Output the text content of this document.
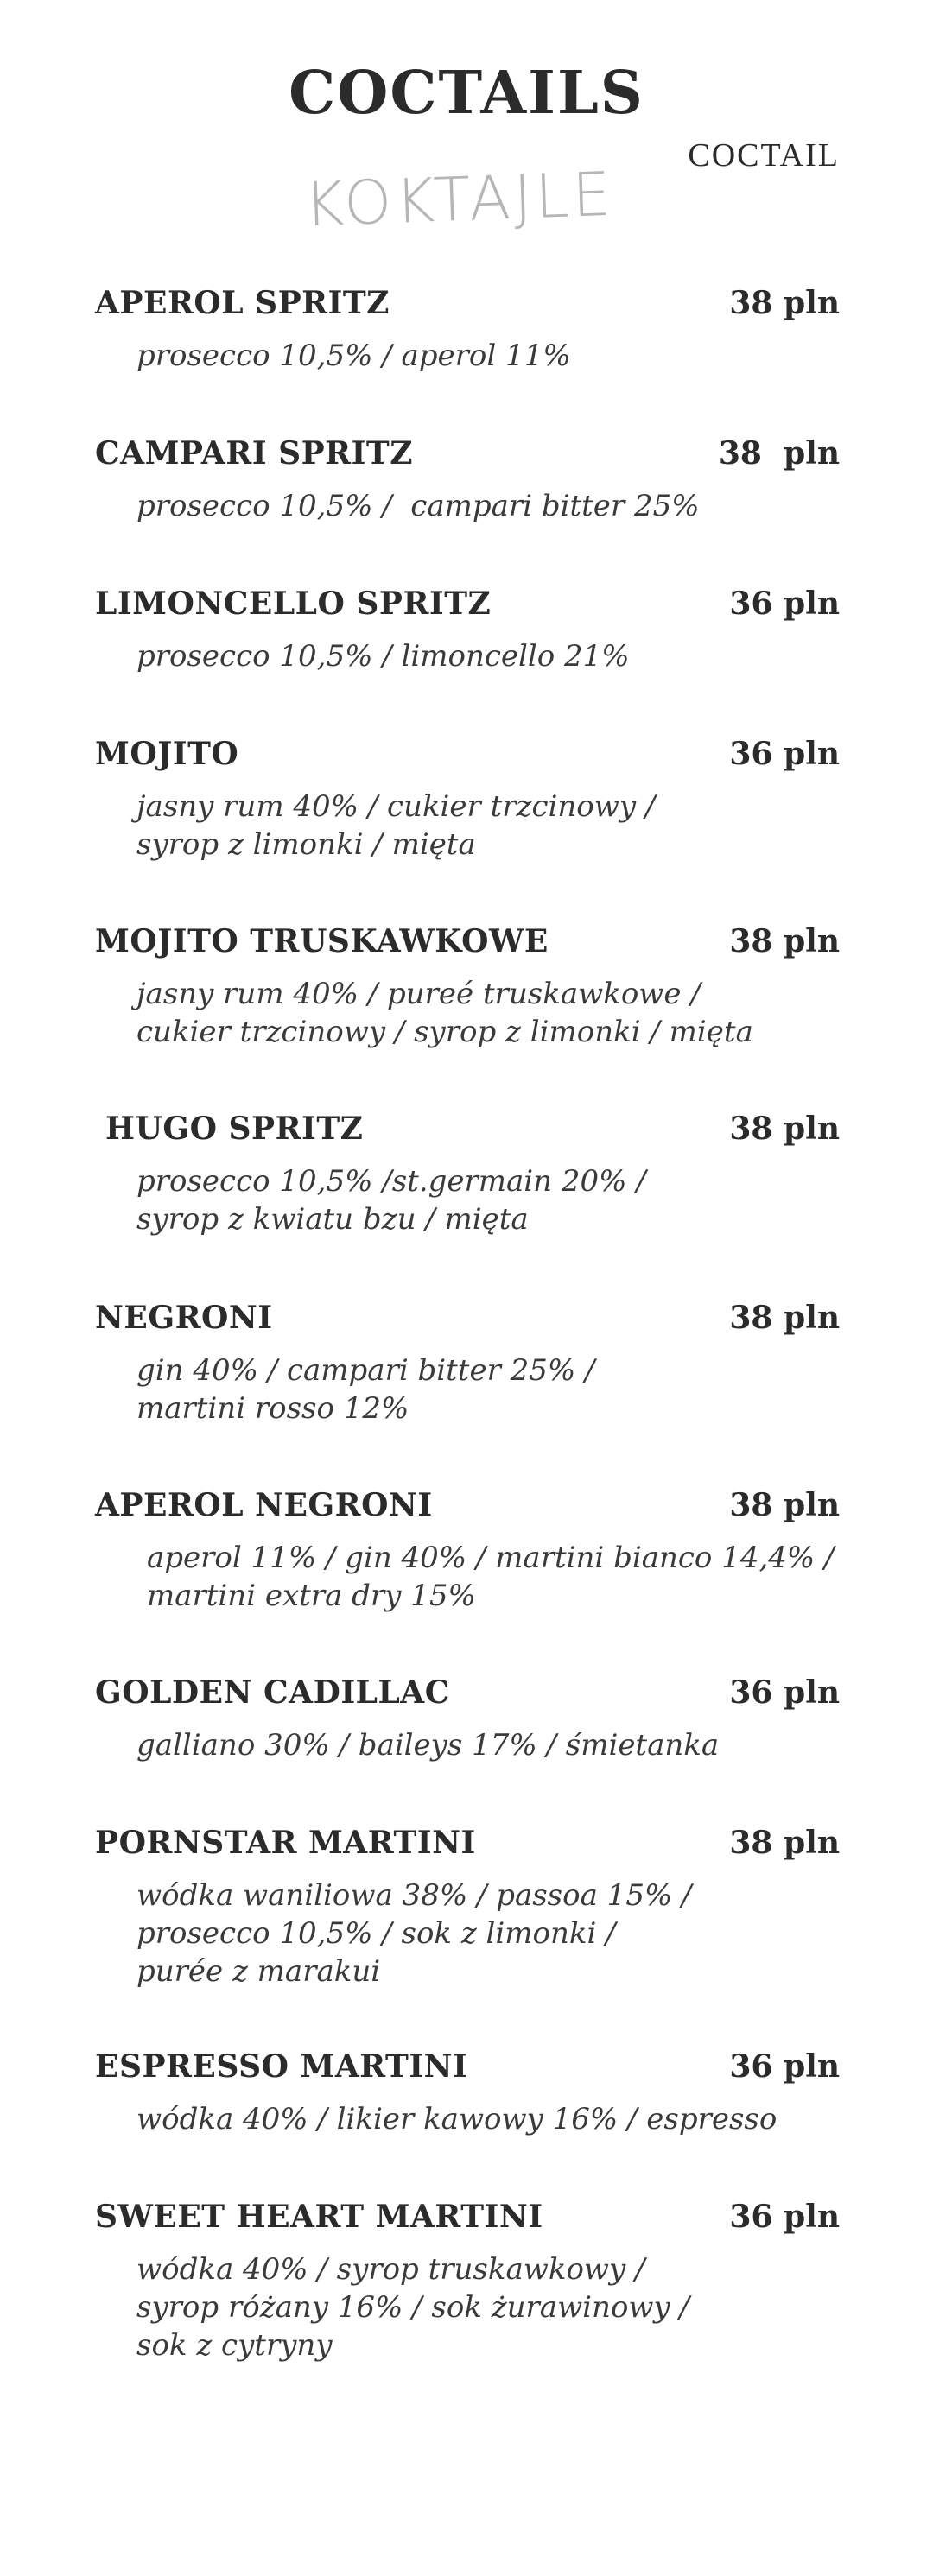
COCTAILS
COCTAIL
KOKTAJLE
APEROL SPRITZ	38 pln
prosecco 10,5% / aperol 11%
CAMPARI SPRITZ	38  pln
prosecco 10,5% /  campari bitter 25%
LIMONCELLO SPRITZ	36 pln
prosecco 10,5% / limoncello 21%
MOJITO	36 pln
jasny rum 40% / cukier trzcinowy /
syrop z limonki / mięta
MOJITO TRUSKAWKOWE	38 pln
jasny rum 40% / pureé truskawkowe /
cukier trzcinowy / syrop z limonki / mięta
HUGO SPRITZ	38 pln
prosecco 10,5% /st.germain 20% /
syrop z kwiatu bzu / mięta
NEGRONI	38 pln
gin 40% / campari bitter 25% /
martini rosso 12%
APEROL NEGRONI	38 pln
aperol 11% / gin 40% / martini bianco 14,4% /
martini extra dry 15%
GOLDEN CADILLAC	36 pln
galliano 30% / baileys 17% / śmietanka
PORNSTAR MARTINI	38 pln
wódka waniliowa 38% / passoa 15% /
prosecco 10,5% / sok z limonki /
purée z marakui
ESPRESSO MARTINI	36 pln
wódka 40% / likier kawowy 16% / espresso
SWEET HEART MARTINI	36 pln
wódka 40% / syrop truskawkowy /
syrop różany 16% / sok żurawinowy /
sok z cytryny
